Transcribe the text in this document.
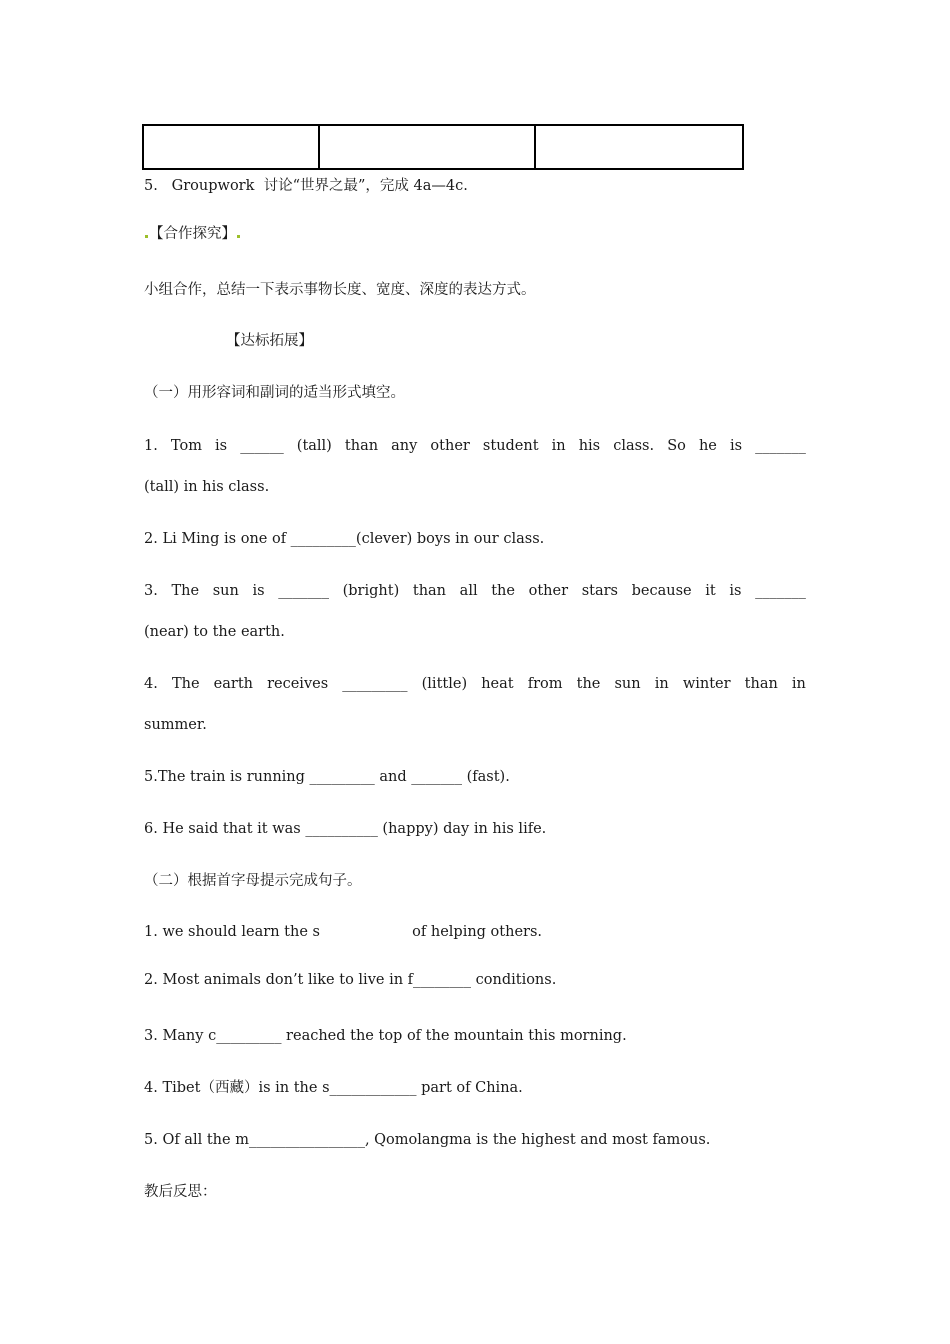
5.   Groupwork  讨论“世界之最”，完成 4a—4c.
【合作探究】
小组合作，总结一下表示事物长度、宽度、深度的表达方式。
【达标拓展】
（一）用形容词和副词的适当形式填空。
1. Tom is ______ (tall) than any other student in his class. So he is _______
(tall) in his class.
2. Li Ming is one of _________(clever) boys in our class.
3. The sun is _______ (bright) than all the other stars because it is _______
(near) to the earth.
4. The earth receives _________ (little) heat from the sun in winter than in
summer.
5.The train is running _________ and _______ (fast).
6. He said that it was __________ (happy) day in his life.
（二）根据首字母提示完成句子。
1. we should learn the s                    of helping others.
2. Most animals don’t like to live in f________ conditions.
3. Many c_________ reached the top of the mountain this morning.
4. Tibet（西藏）is in the s____________ part of China.
5. Of all the m________________, Qomolangma is the highest and most famous.
教后反思：
